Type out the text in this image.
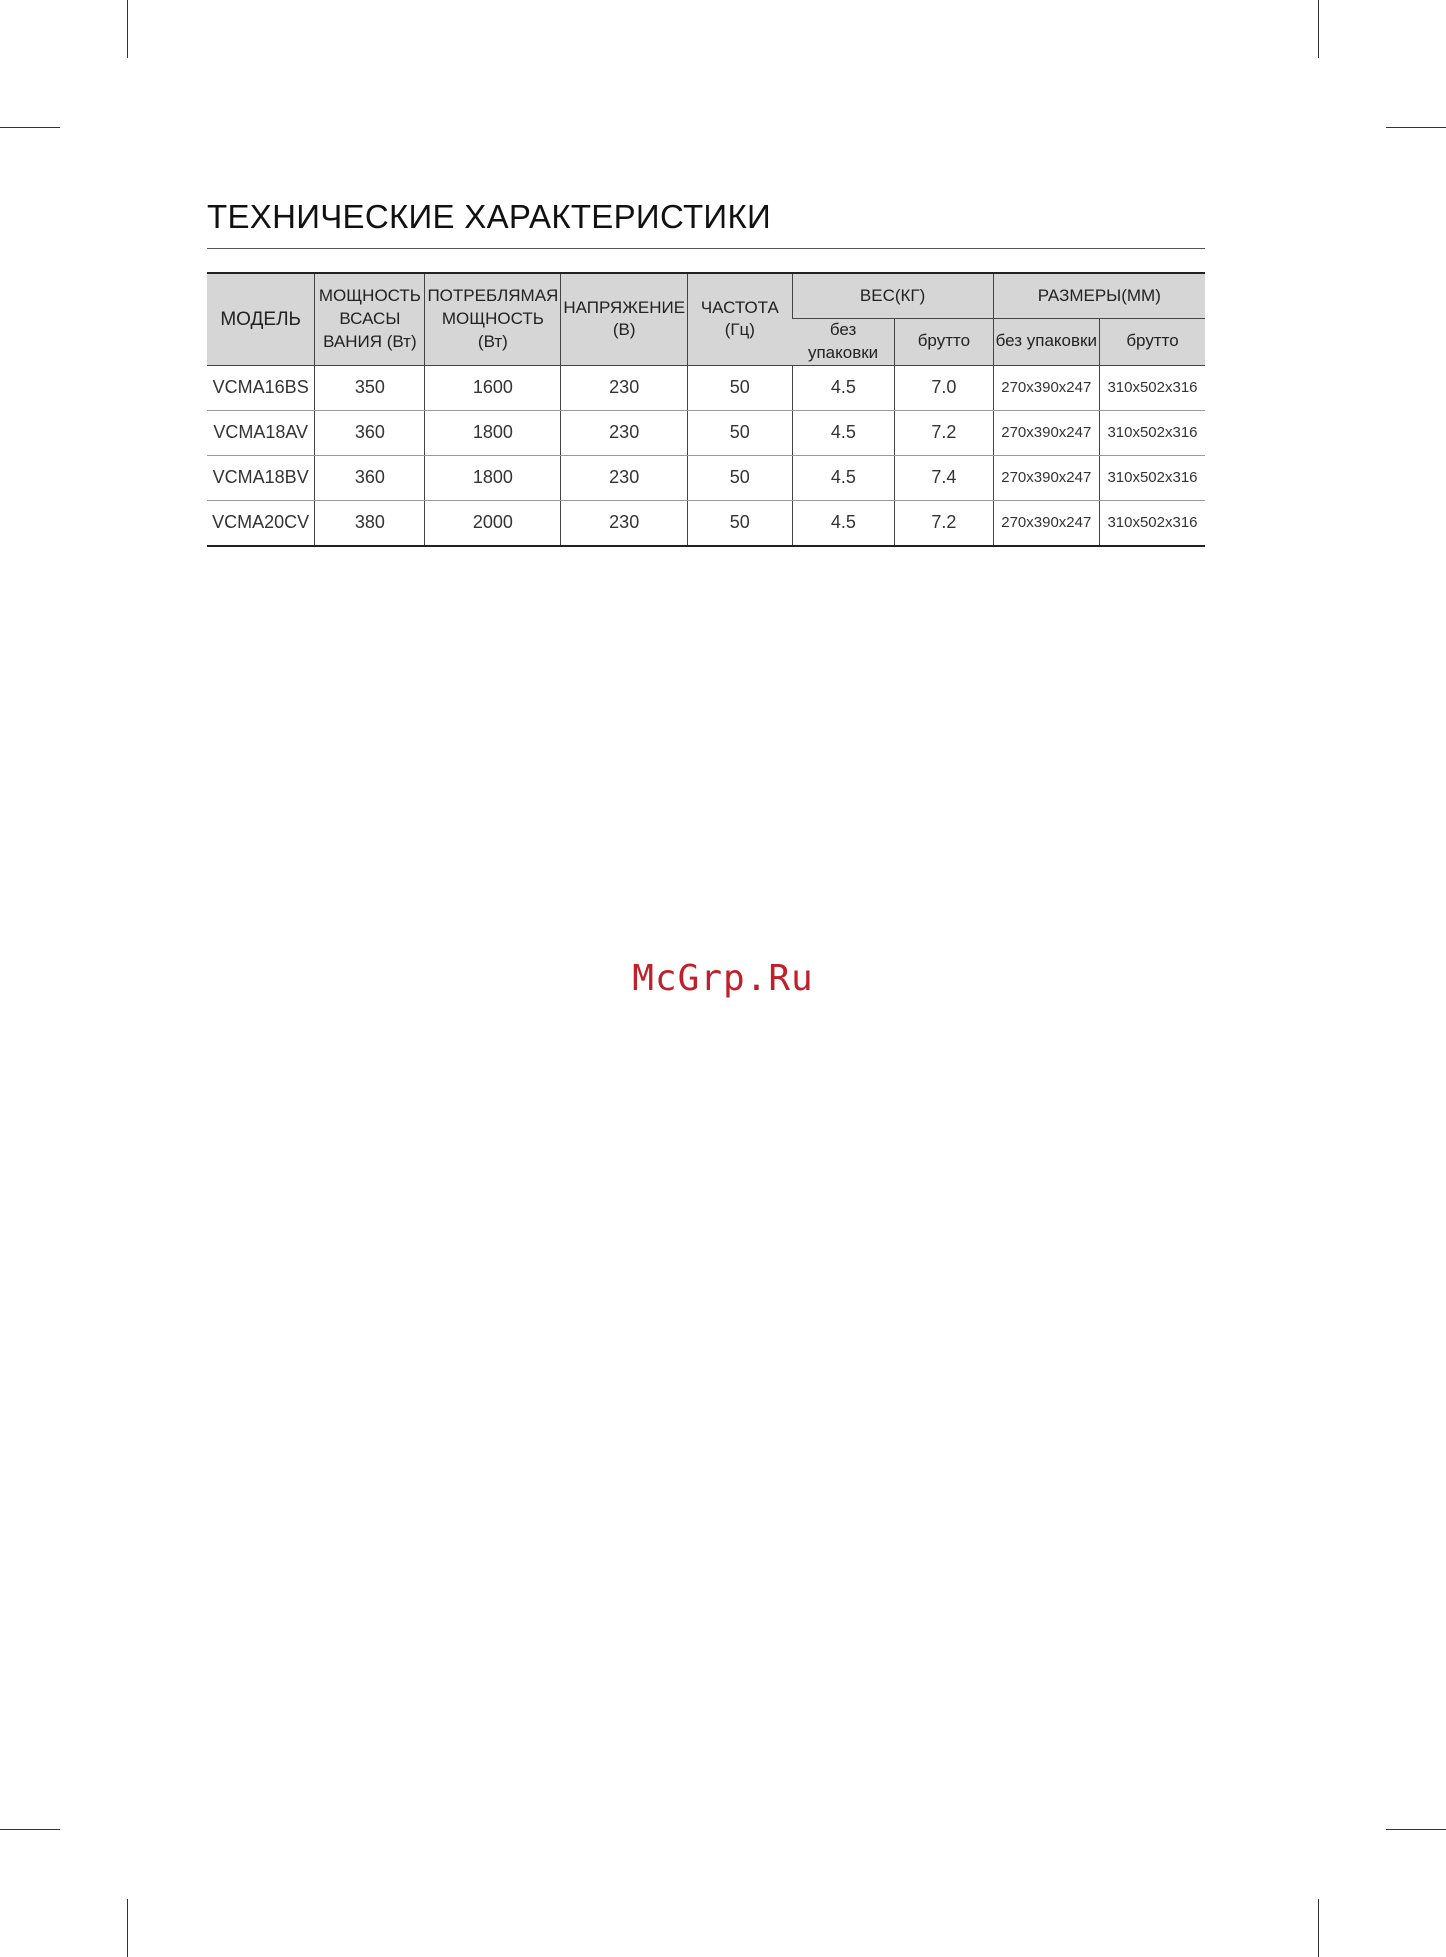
ТЕХНИЧЕСКИЕ ХАРАКТЕРИСТИКИ
МОДЕЛЬ	МОЩНОСТЬ ВСАСЫ ВАНИЯ (Вт)	ПОТРЕБЛЯМАЯ МОЩНОСТЬ (Вт)	НАПРЯЖЕНИЕ (В)	ЧАСТОТА (Гц)	ВЕС(КГ)		РАЗМЕРЫ(ММ)	
					без упаковки	брутто	без упаковки	брутто
VCMA16BS	350	1600	230	50	4.5	7.0	270x390x247	310x502x316
VCMA18AV	360	1800	230	50	4.5	7.2	270x390x247	310x502x316
VCMA18BV	360	1800	230	50	4.5	7.4	270x390x247	310x502x316
VCMA20CV	380	2000	230	50	4.5	7.2	270x390x247	310x502x316
McGrp.Ru
